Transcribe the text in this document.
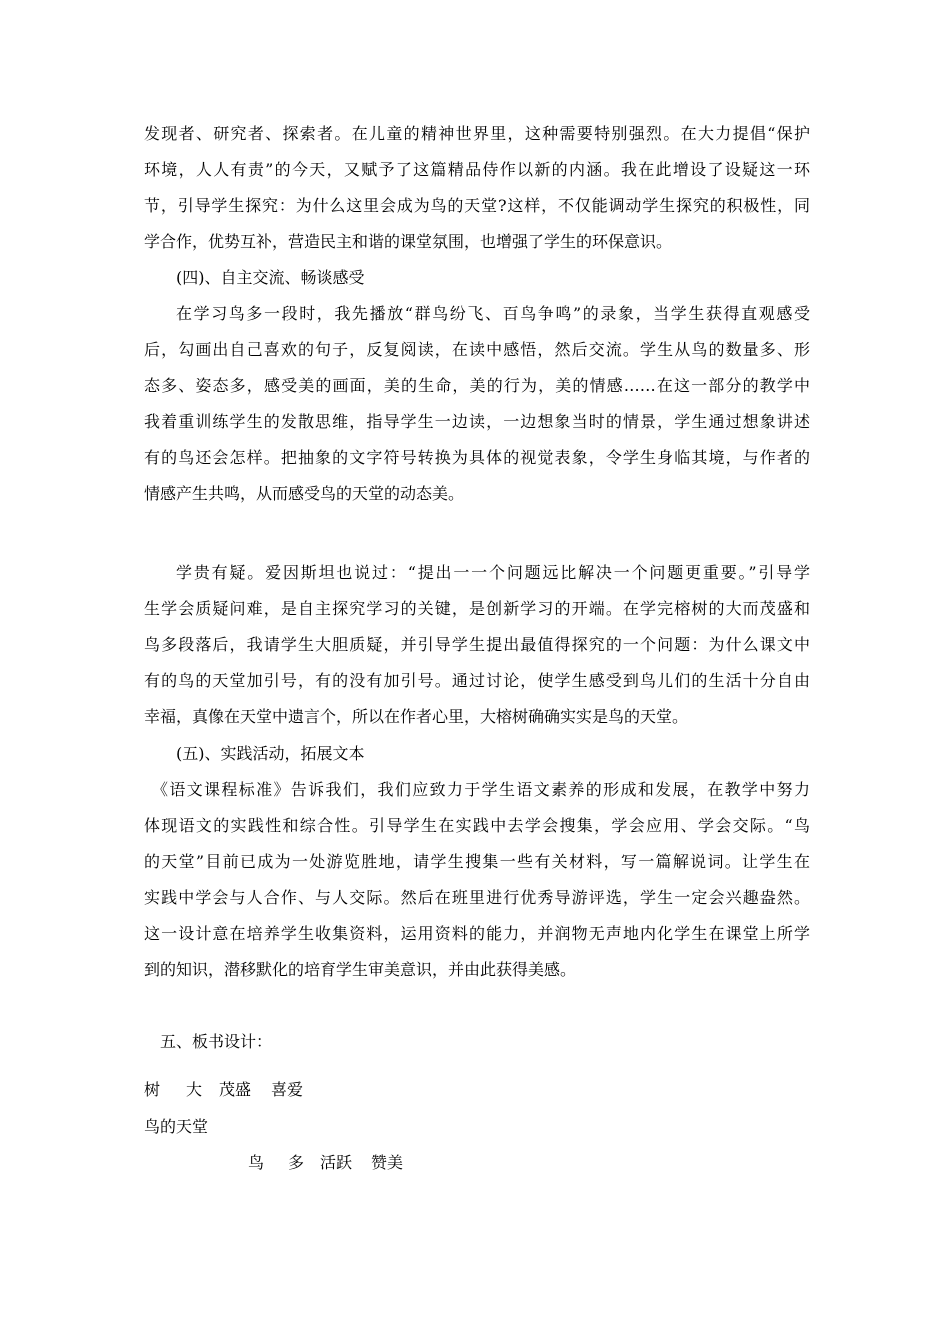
发现者、研究者、探索者。在儿童的精神世界里，这种需要特别强烈。在大力提倡“保护
环境，人人有责”的今天，又赋予了这篇精品侍作以新的内涵。我在此增设了设疑这一环
节，引导学生探究：为什么这里会成为鸟的天堂?这样，不仅能调动学生探究的积极性，同
学合作，优势互补，营造民主和谐的课堂氛围，也增强了学生的环保意识。
(四)、自主交流、畅谈感受
在学习鸟多一段时，我先播放“群鸟纷飞、百鸟争鸣”的录象，当学生获得直观感受
后，勾画出自己喜欢的句子，反复阅读，在读中感悟，然后交流。学生从鸟的数量多、形
态多、姿态多，感受美的画面，美的生命，美的行为，美的情感……在这一部分的教学中
我着重训练学生的发散思维，指导学生一边读，一边想象当时的情景，学生通过想象讲述
有的鸟还会怎样。把抽象的文字符号转换为具体的视觉表象，令学生身临其境，与作者的
情感产生共鸣，从而感受鸟的天堂的动态美。
学贵有疑。爱因斯坦也说过：“提出一一个问题远比解决一个问题更重要。”引导学
生学会质疑问难，是自主探究学习的关键，是创新学习的开端。在学完榕树的大而茂盛和
鸟多段落后，我请学生大胆质疑，并引导学生提出最值得探究的一个问题：为什么课文中
有的鸟的天堂加引号，有的没有加引号。通过讨论，使学生感受到鸟儿们的生活十分自由
幸福，真像在天堂中遗言个，所以在作者心里，大榕树确确实实是鸟的天堂。
(五)、实践活动，拓展文本
《语文课程标准》告诉我们，我们应致力于学生语文素养的形成和发展，在教学中努力
体现语文的实践性和综合性。引导学生在实践中去学会搜集，学会应用、学会交际。“鸟
的天堂”目前已成为一处游览胜地，请学生搜集一些有关材料，写一篇解说词。让学生在
实践中学会与人合作、与人交际。然后在班里进行优秀导游评选，学生一定会兴趣盎然。
这一设计意在培养学生收集资料，运用资料的能力，并润物无声地内化学生在课堂上所学
到的知识，潜移默化的培育学生审美意识，并由此获得美感。
五、板书设计：
树 大 茂盛 喜爱
鸟的天堂
鸟 多 活跃 赞美
